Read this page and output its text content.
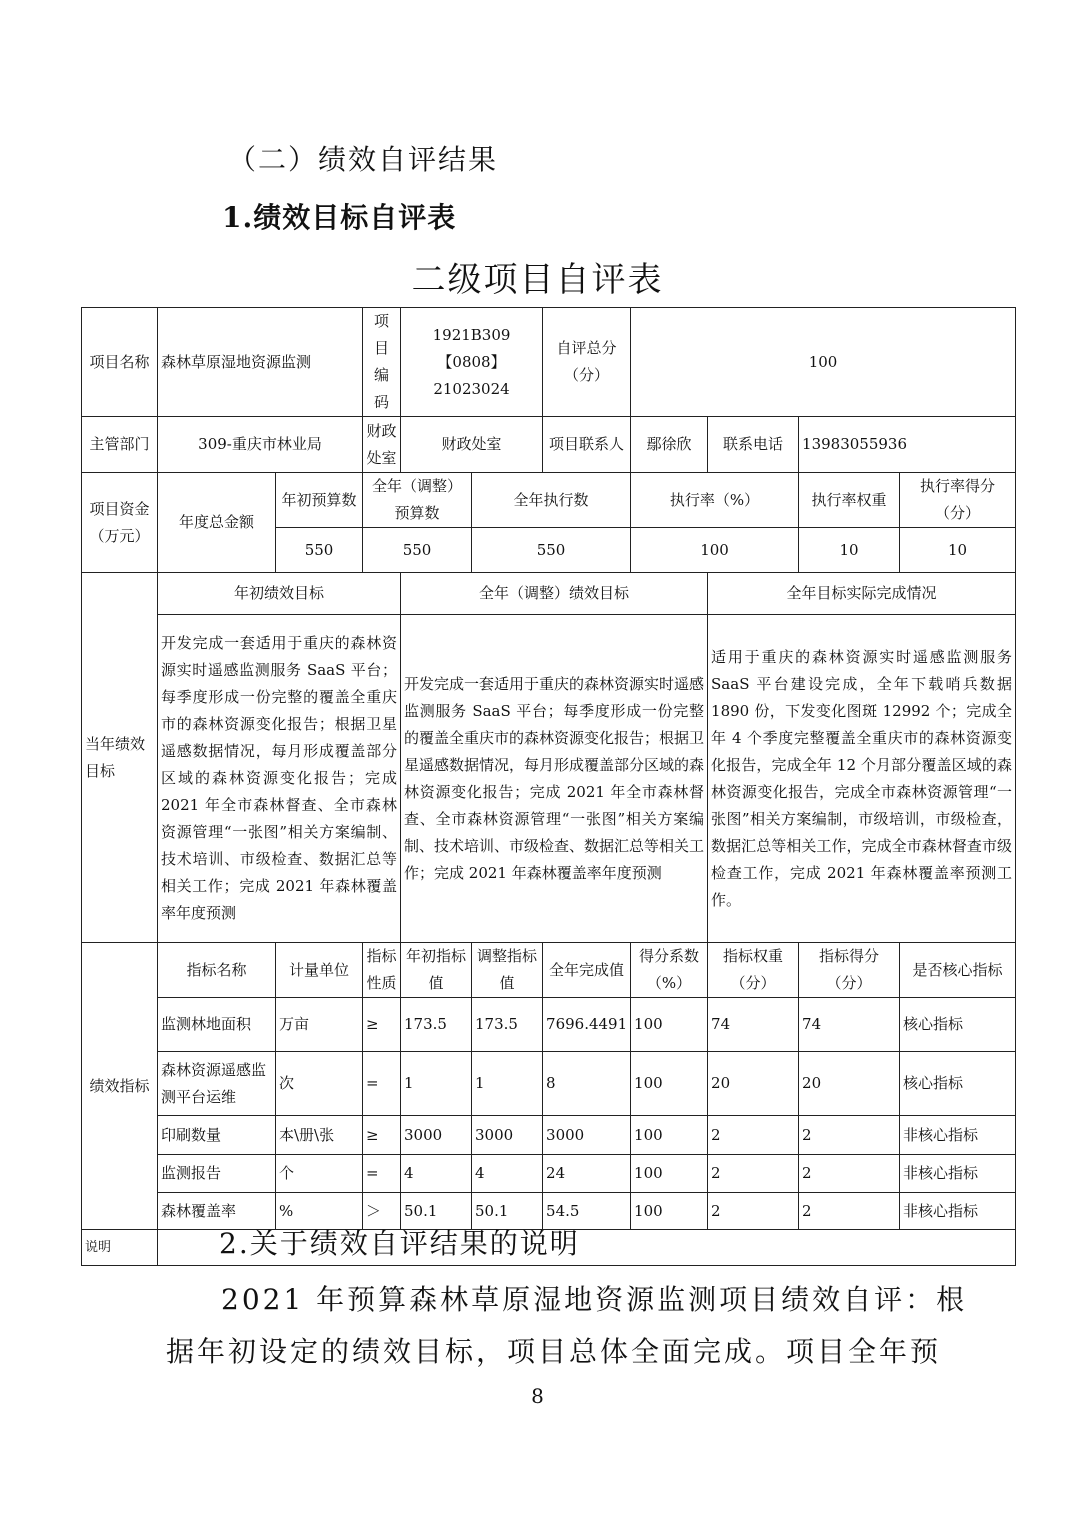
（二）绩效自评结果
1.绩效目标自评表
二级项目自评表
项目名称	森林草原湿地资源监测		项目编码	1921B309【0808】21023024		自评总分（分）	100			
主管部门	309-重庆市林业局		财政处室	财政处室		项目联系人	鄢徐欣	联系电话	13983055936	
项目资金（万元）	年度总金额	年初预算数	全年（调整）预算数		全年执行数		执行率（%）		执行率权重	执行率得分（分）
		550	550		550		100		10	10
当年绩效目标	年初绩效目标			全年（调整）绩效目标				全年目标实际完成情况		
	开发完成一套适用于重庆的森林资源实时遥感监测服务 SaaS 平台；每季度形成一份完整的覆盖全重庆市的森林资源变化报告；根据卫星遥感数据情况，每月形成覆盖部分区域的森林资源变化报告；完成 2021 年全市森林督查、全市森林资源管理“一张图”相关方案编制、技术培训、市级检查、数据汇总等相关工作；完成 2021 年森林覆盖率年度预测			开发完成一套适用于重庆的森林资源实时遥感监测服务 SaaS 平台；每季度形成一份完整的覆盖全重庆市的森林资源变化报告；根据卫星遥感数据情况，每月形成覆盖部分区域的森林资源变化报告；完成 2021 年全市森林督查、全市森林资源管理“一张图”相关方案编制、技术培训、市级检查、数据汇总等相关工作；完成 2021 年森林覆盖率年度预测				适用于重庆的森林资源实时遥感监测服务 SaaS 平台建设完成，全年下载哨兵数据 1890 份，下发变化图斑 12992 个；完成全年 4 个季度完整覆盖全重庆市的森林资源变化报告，完成全年 12 个月部分覆盖区域的森林资源变化报告，完成全市森林资源管理“一张图”相关方案编制，市级培训，市级检查，数据汇总等相关工作，完成全市森林督查市级检查工作，完成 2021 年森林覆盖率预测工作。		
绩效指标	指标名称	计量单位	指标性质	年初指标值	调整指标值	全年完成值	得分系数（%）	指标权重（分）	指标得分（分）	是否核心指标
	监测林地面积	万亩	≥	173.5	173.5	7696.4491	100	74	74	核心指标
	森林资源遥感监测平台运维	次	=	1	1	8	100	20	20	核心指标
	印刷数量	本\册\张	≥	3000	3000	3000	100	2	2	非核心指标
	监测报告	个	=	4	4	24	100	2	2	非核心指标
	森林覆盖率	%	＞	50.1	50.1	54.5	100	2	2	非核心指标
说明											2.关于绩效自评结果的说明
2021 年预算森林草原湿地资源监测项目绩效自评：根
据年初设定的绩效目标，项目总体全面完成。项目全年预
8
